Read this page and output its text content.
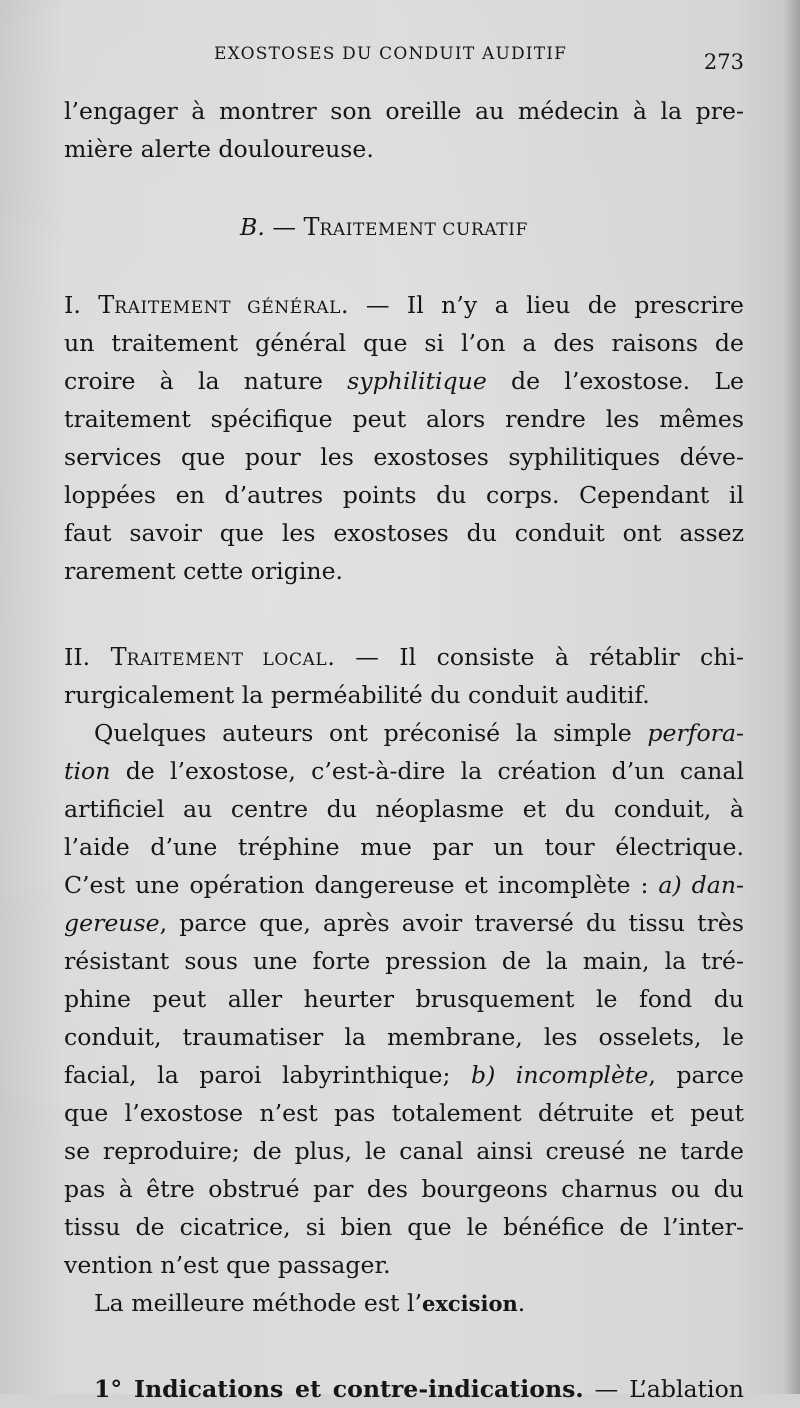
EXOSTOSES DU CONDUIT AUDITIF	273
l’engager à montrer son oreille au médecin à la pre-
mière alerte douloureuse.
B. — TRAITEMENT CURATIF
I. TRAITEMENT GÉNÉRAL. — Il n’y a lieu de prescrire
un traitement général que si l’on a des raisons de
croire à la nature syphilitique de l’exostose. Le
traitement spécifique peut alors rendre les mêmes
services que pour les exostoses syphilitiques déve-
loppées en d’autres points du corps. Cependant il
faut savoir que les exostoses du conduit ont assez
rarement cette origine.
II. TRAITEMENT LOCAL. — Il consiste à rétablir chi-
rurgicalement la perméabilité du conduit auditif.
Quelques auteurs ont préconisé la simple perfora-
tion de l’exostose, c’est-à-dire la création d’un canal
artificiel au centre du néoplasme et du conduit, à
l’aide d’une tréphine mue par un tour électrique.
C’est une opération dangereuse et incomplète : a) dan-
gereuse, parce que, après avoir traversé du tissu très
résistant sous une forte pression de la main, la tré-
phine peut aller heurter brusquement le fond du
conduit, traumatiser la membrane, les osselets, le
facial, la paroi labyrinthique; b) incomplète, parce
que l’exostose n’est pas totalement détruite et peut
se reproduire; de plus, le canal ainsi creusé ne tarde
pas à être obstrué par des bourgeons charnus ou du
tissu de cicatrice, si bien que le bénéfice de l’inter-
vention n’est que passager.
La meilleure méthode est l’excision.
1° Indications et contre-indications. — L’ablation
